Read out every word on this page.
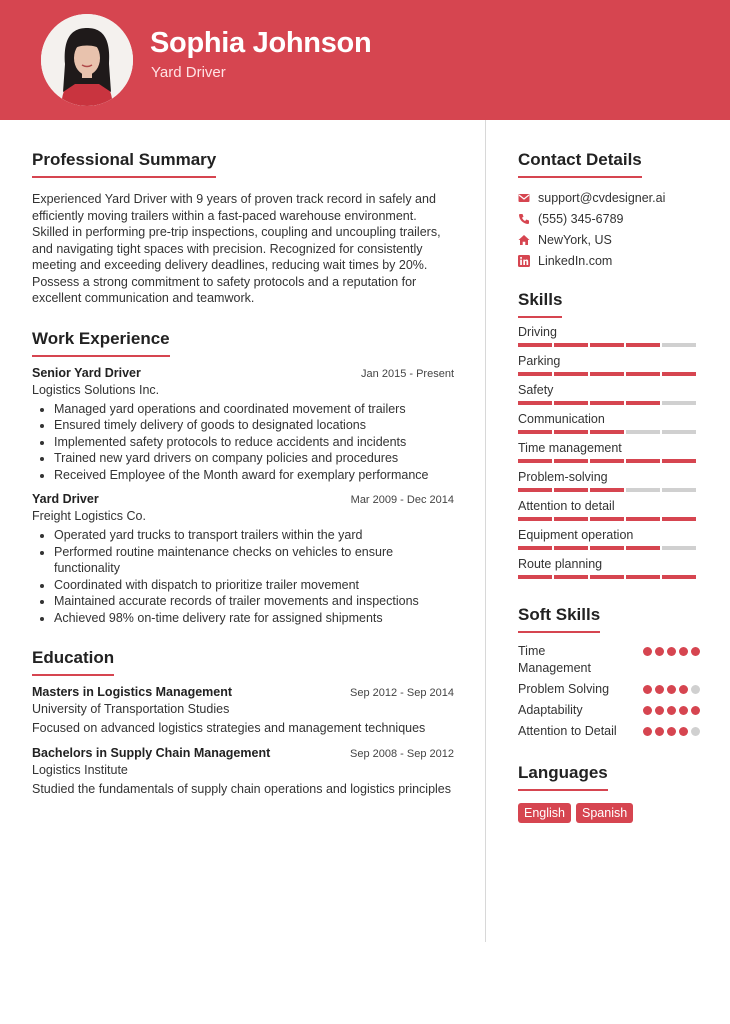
Sophia Johnson
Yard Driver
Professional Summary

Experienced Yard Driver with 9 years of proven track record in safely and efficiently moving trailers within a fast-paced warehouse environment. Skilled in performing pre-trip inspections, coupling and uncoupling trailers, and navigating tight spaces with precision. Recognized for consistently meeting and exceeding delivery deadlines, reducing wait times by 20%. Possess a strong commitment to safety protocols and a reputation for excellent communication and teamwork.

Work Experience
Senior Yard Driver	Jan 2015 - Present
Logistics Solutions Inc.
• Managed yard operations and coordinated movement of trailers
• Ensured timely delivery of goods to designated locations
• Implemented safety protocols to reduce accidents and incidents
• Trained new yard drivers on company policies and procedures
• Received Employee of the Month award for exemplary performance
Yard Driver	Mar 2009 - Dec 2014
Freight Logistics Co.
• Operated yard trucks to transport trailers within the yard
• Performed routine maintenance checks on vehicles to ensure functionality
• Coordinated with dispatch to prioritize trailer movement
• Maintained accurate records of trailer movements and inspections
• Achieved 98% on-time delivery rate for assigned shipments
Education
Masters in Logistics Management	Sep 2012 - Sep 2014
University of Transportation Studies

Focused on advanced logistics strategies and management techniques

Bachelors in Supply Chain Management	Sep 2008 - Sep 2012
Logistics Institute

Studied the fundamentals of supply chain operations and logistics principles

Contact Details
support@cvdesigner.ai
(555) 345-6789
NewYork, US
LinkedIn.com
Skills
Driving
Parking
Safety
Communication
Time management
Problem-solving
Attention to detail
Equipment operation
Route planning
Soft Skills
Time Management
Problem Solving
Adaptability
Attention to Detail
Languages
English	Spanish
